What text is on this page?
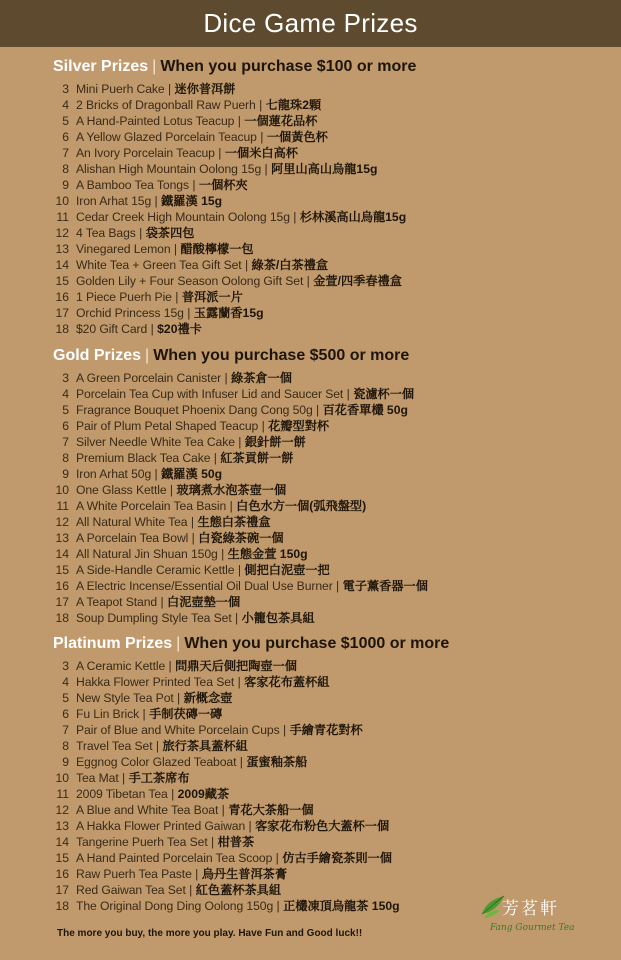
Dice Game Prizes
Silver Prizes | When you purchase $100 or more
3 Mini Puerh Cake | 迷你普洱餅
4 2 Bricks of Dragonball Raw Puerh | 七龍珠2顆
5 A Hand-Painted Lotus Teacup | 一個蓮花品杯
6 A Yellow Glazed Porcelain Teacup | 一個黃色杯
7 An Ivory Porcelain Teacup | 一個米白高杯
8 Alishan High Mountain Oolong 15g | 阿里山高山烏龍15g
9 A Bamboo Tea Tongs | 一個杯夾
10 Iron Arhat 15g | 鐵羅漢 15g
11 Cedar Creek High Mountain Oolong 15g | 杉林溪高山烏龍15g
12 4 Tea Bags | 袋茶四包
13 Vinegared Lemon | 醋酸檸檬一包
14 White Tea + Green Tea Gift Set | 綠茶/白茶禮盒
15 Golden Lily + Four Season Oolong Gift Set | 金萱/四季春禮盒
16 1 Piece Puerh Pie | 普洱派一片
17 Orchid Princess 15g | 玉露蘭香15g
18 $20 Gift Card | $20禮卡
Gold Prizes | When you purchase $500 or more
3 A Green Porcelain Canister | 綠茶倉一個
4 Porcelain Tea Cup with Infuser Lid and Saucer Set | 瓷濾杯一個
5 Fragrance Bouquet Phoenix Dang Cong 50g | 百花香單欉 50g
6 Pair of Plum Petal Shaped Teacup | 花瓣型對杯
7 Silver Needle White Tea Cake | 銀針餅一餅
8 Premium Black Tea Cake | 紅茶貢餅一餅
9 Iron Arhat 50g | 鐵羅漢 50g
10 One Glass Kettle | 玻璃煮水泡茶壺一個
11 A White Porcelain Tea Basin | 白色水方一個(弧飛盤型)
12 All Natural White Tea | 生態白茶禮盒
13 A Porcelain Tea Bowl | 白瓷綠茶碗一個
14 All Natural Jin Shuan 150g | 生態金萱 150g
15 A Side-Handle Ceramic Kettle | 側把白泥壺一把
16 A Electric Incense/Essential Oil Dual Use Burner | 電子薰香器一個
17 A Teapot Stand | 白泥壺墊一個
18 Soup Dumpling Style Tea Set | 小籠包茶具組
Platinum Prizes | When you purchase $1000 or more
3 A Ceramic Kettle | 問鼎天后側把陶壺一個
4 Hakka Flower Printed Tea Set | 客家花布蓋杯組
5 New Style Tea Pot | 新概念壺
6 Fu Lin Brick | 手制茯磚一磚
7 Pair of Blue and White Porcelain Cups | 手繪青花對杯
8 Travel Tea Set | 旅行茶具蓋杯組
9 Eggnog Color Glazed Teaboat | 蛋蜜釉茶船
10 Tea Mat | 手工茶席布
11 2009 Tibetan Tea | 2009藏茶
12 A Blue and White Tea Boat | 青花大茶船一個
13 A Hakka Flower Printed Gaiwan | 客家花布粉色大蓋杯一個
14 Tangerine Puerh Tea Set | 柑普茶
15 A Hand Painted Porcelain Tea Scoop | 仿古手繪瓷茶則一個
16 Raw Puerh Tea Paste | 烏丹生普洱茶膏
17 Red Gaiwan Tea Set | 紅色蓋杯茶具組
18 The Original Dong Ding Oolong 150g | 正欉凍頂烏龍茶 150g	芳茗軒
Fang Gourmet Tea
The more you buy, the more you play. Have Fun and Good luck!!
